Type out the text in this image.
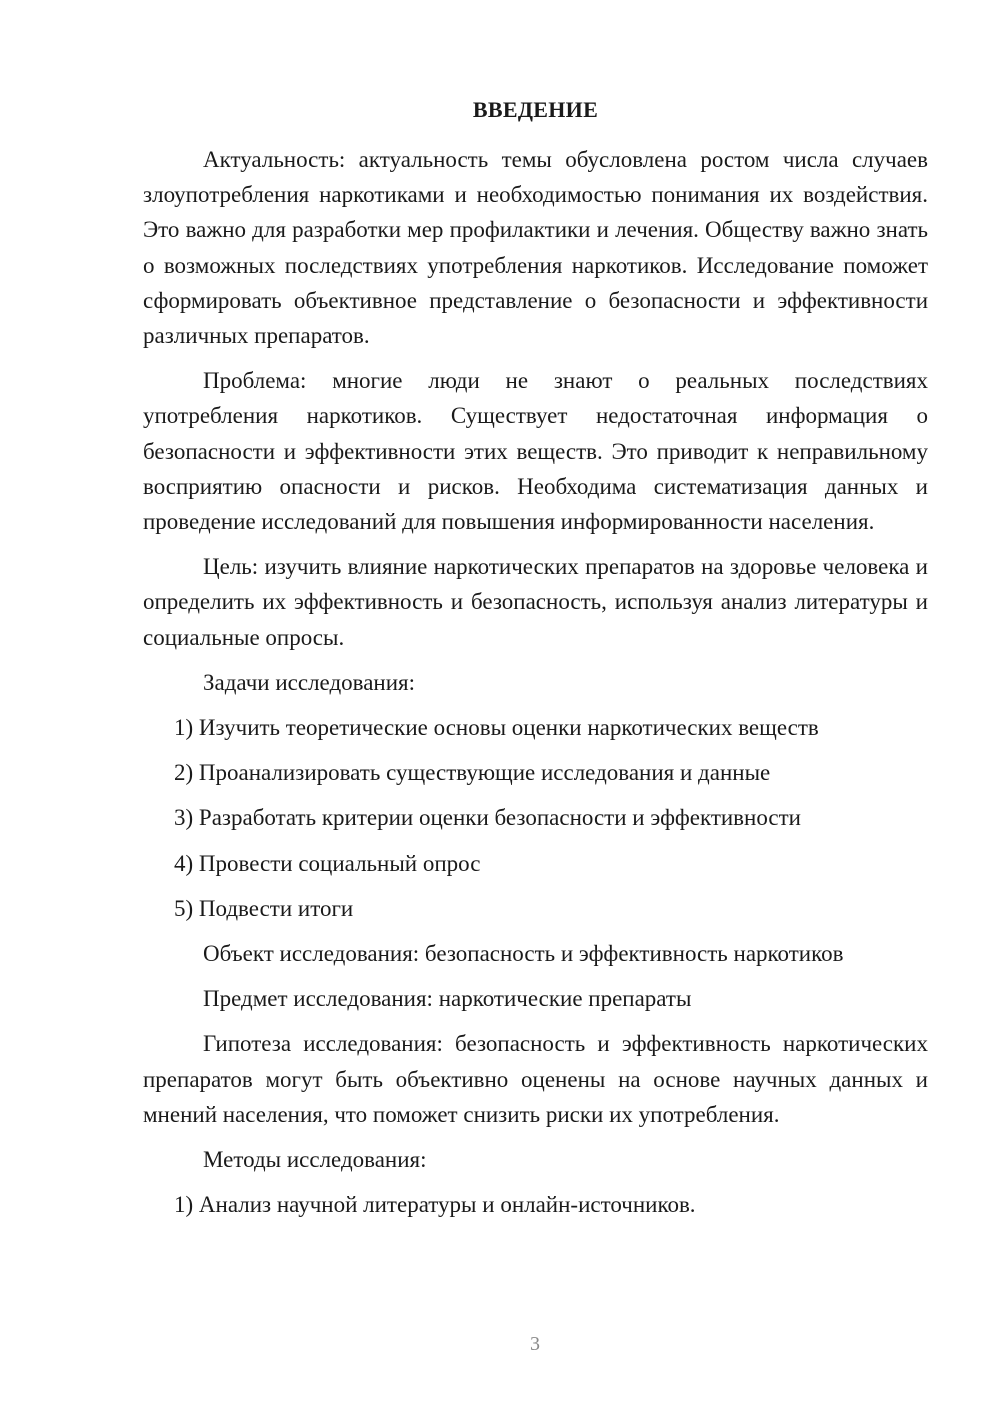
ВВЕДЕНИЕ

Актуальность: актуальность темы обусловлена ростом числа случаев злоупотребления наркотиками и необходимостью понимания их воздействия. Это важно для разработки мер профилактики и лечения. Обществу важно знать о возможных последствиях употребления наркотиков. Исследование поможет сформировать объективное представление о безопасности и эффективности различных препаратов.

Проблема: многие люди не знают о реальных последствиях употребления наркотиков. Существует недостаточная информация о безопасности и эффективности этих веществ. Это приводит к неправильному восприятию опасности и рисков. Необходима систематизация данных и проведение исследований для повышения информированности населения.

Цель: изучить влияние наркотических препаратов на здоровье человека и определить их эффективность и безопасность, используя анализ литературы и социальные опросы.

Задачи исследования:
1) Изучить теоретические основы оценки наркотических веществ
2) Проанализировать существующие исследования и данные
3) Разработать критерии оценки безопасности и эффективности
4) Провести социальный опрос
5) Подвести итоги
Объект исследования: безопасность и эффективность наркотиков
Предмет исследования: наркотические препараты

Гипотеза исследования: безопасность и эффективность наркотических препаратов могут быть объективно оценены на основе научных данных и мнений населения, что поможет снизить риски их употребления.

Методы исследования:
1) Анализ научной литературы и онлайн-источников.
3
